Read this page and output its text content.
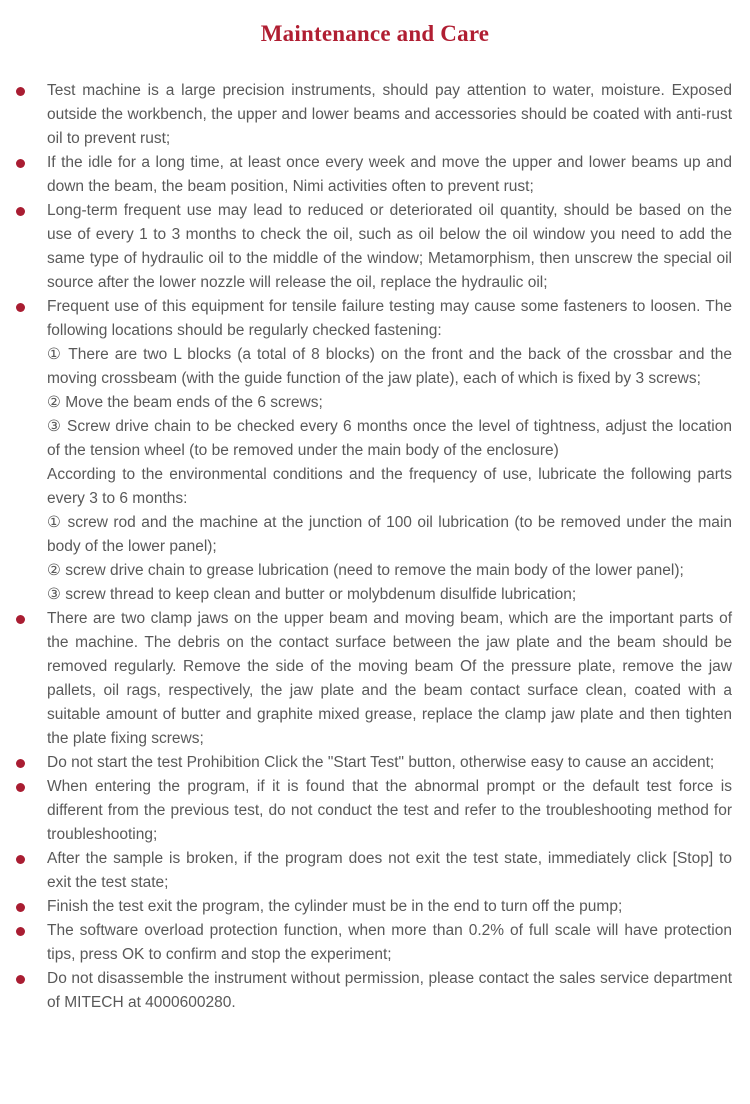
Maintenance and Care
Test machine is a large precision instruments, should pay attention to water, moisture. Exposed outside the workbench, the upper and lower beams and accessories should be coated with anti-rust oil to prevent rust;
If the idle for a long time, at least once every week and move the upper and lower beams up and down the beam, the beam position, Nimi activities often to prevent rust;
Long-term frequent use may lead to reduced or deteriorated oil quantity, should be based on the use of every 1 to 3 months to check the oil, such as oil below the oil window you need to add the same type of hydraulic oil to the middle of the window; Metamorphism, then unscrew the special oil source after the lower nozzle will release the oil, replace the hydraulic oil;
Frequent use of this equipment for tensile failure testing may cause some fasteners to loosen. The following locations should be regularly checked fastening:
① There are two L blocks (a total of 8 blocks) on the front and the back of the crossbar and the moving crossbeam (with the guide function of the jaw plate), each of which is fixed by 3 screws;
② Move the beam ends of the 6 screws;
③ Screw drive chain to be checked every 6 months once the level of tightness, adjust the location of the tension wheel (to be removed under the main body of the enclosure)
According to the environmental conditions and the frequency of use, lubricate the following parts every 3 to 6 months:
① screw rod and the machine at the junction of 100 oil lubrication (to be removed under the main body of the lower panel);
② screw drive chain to grease lubrication (need to remove the main body of the lower panel);
③ screw thread to keep clean and butter or molybdenum disulfide lubrication;
There are two clamp jaws on the upper beam and moving beam, which are the important parts of the machine. The debris on the contact surface between the jaw plate and the beam should be removed regularly. Remove the side of the moving beam Of the pressure plate, remove the jaw pallets, oil rags, respectively, the jaw plate and the beam contact surface clean, coated with a suitable amount of butter and graphite mixed grease, replace the clamp jaw plate and then tighten the plate fixing screws;
Do not start the test Prohibition Click the "Start Test" button, otherwise easy to cause an accident;
When entering the program, if it is found that the abnormal prompt or the default test force is different from the previous test, do not conduct the test and refer to the troubleshooting method for troubleshooting;
After the sample is broken, if the program does not exit the test state, immediately click [Stop] to exit the test state;
Finish the test exit the program, the cylinder must be in the end to turn off the pump;
The software overload protection function, when more than 0.2% of full scale will have protection tips, press OK to confirm and stop the experiment;
Do not disassemble the instrument without permission, please contact the sales service department of MITECH at 4000600280.
